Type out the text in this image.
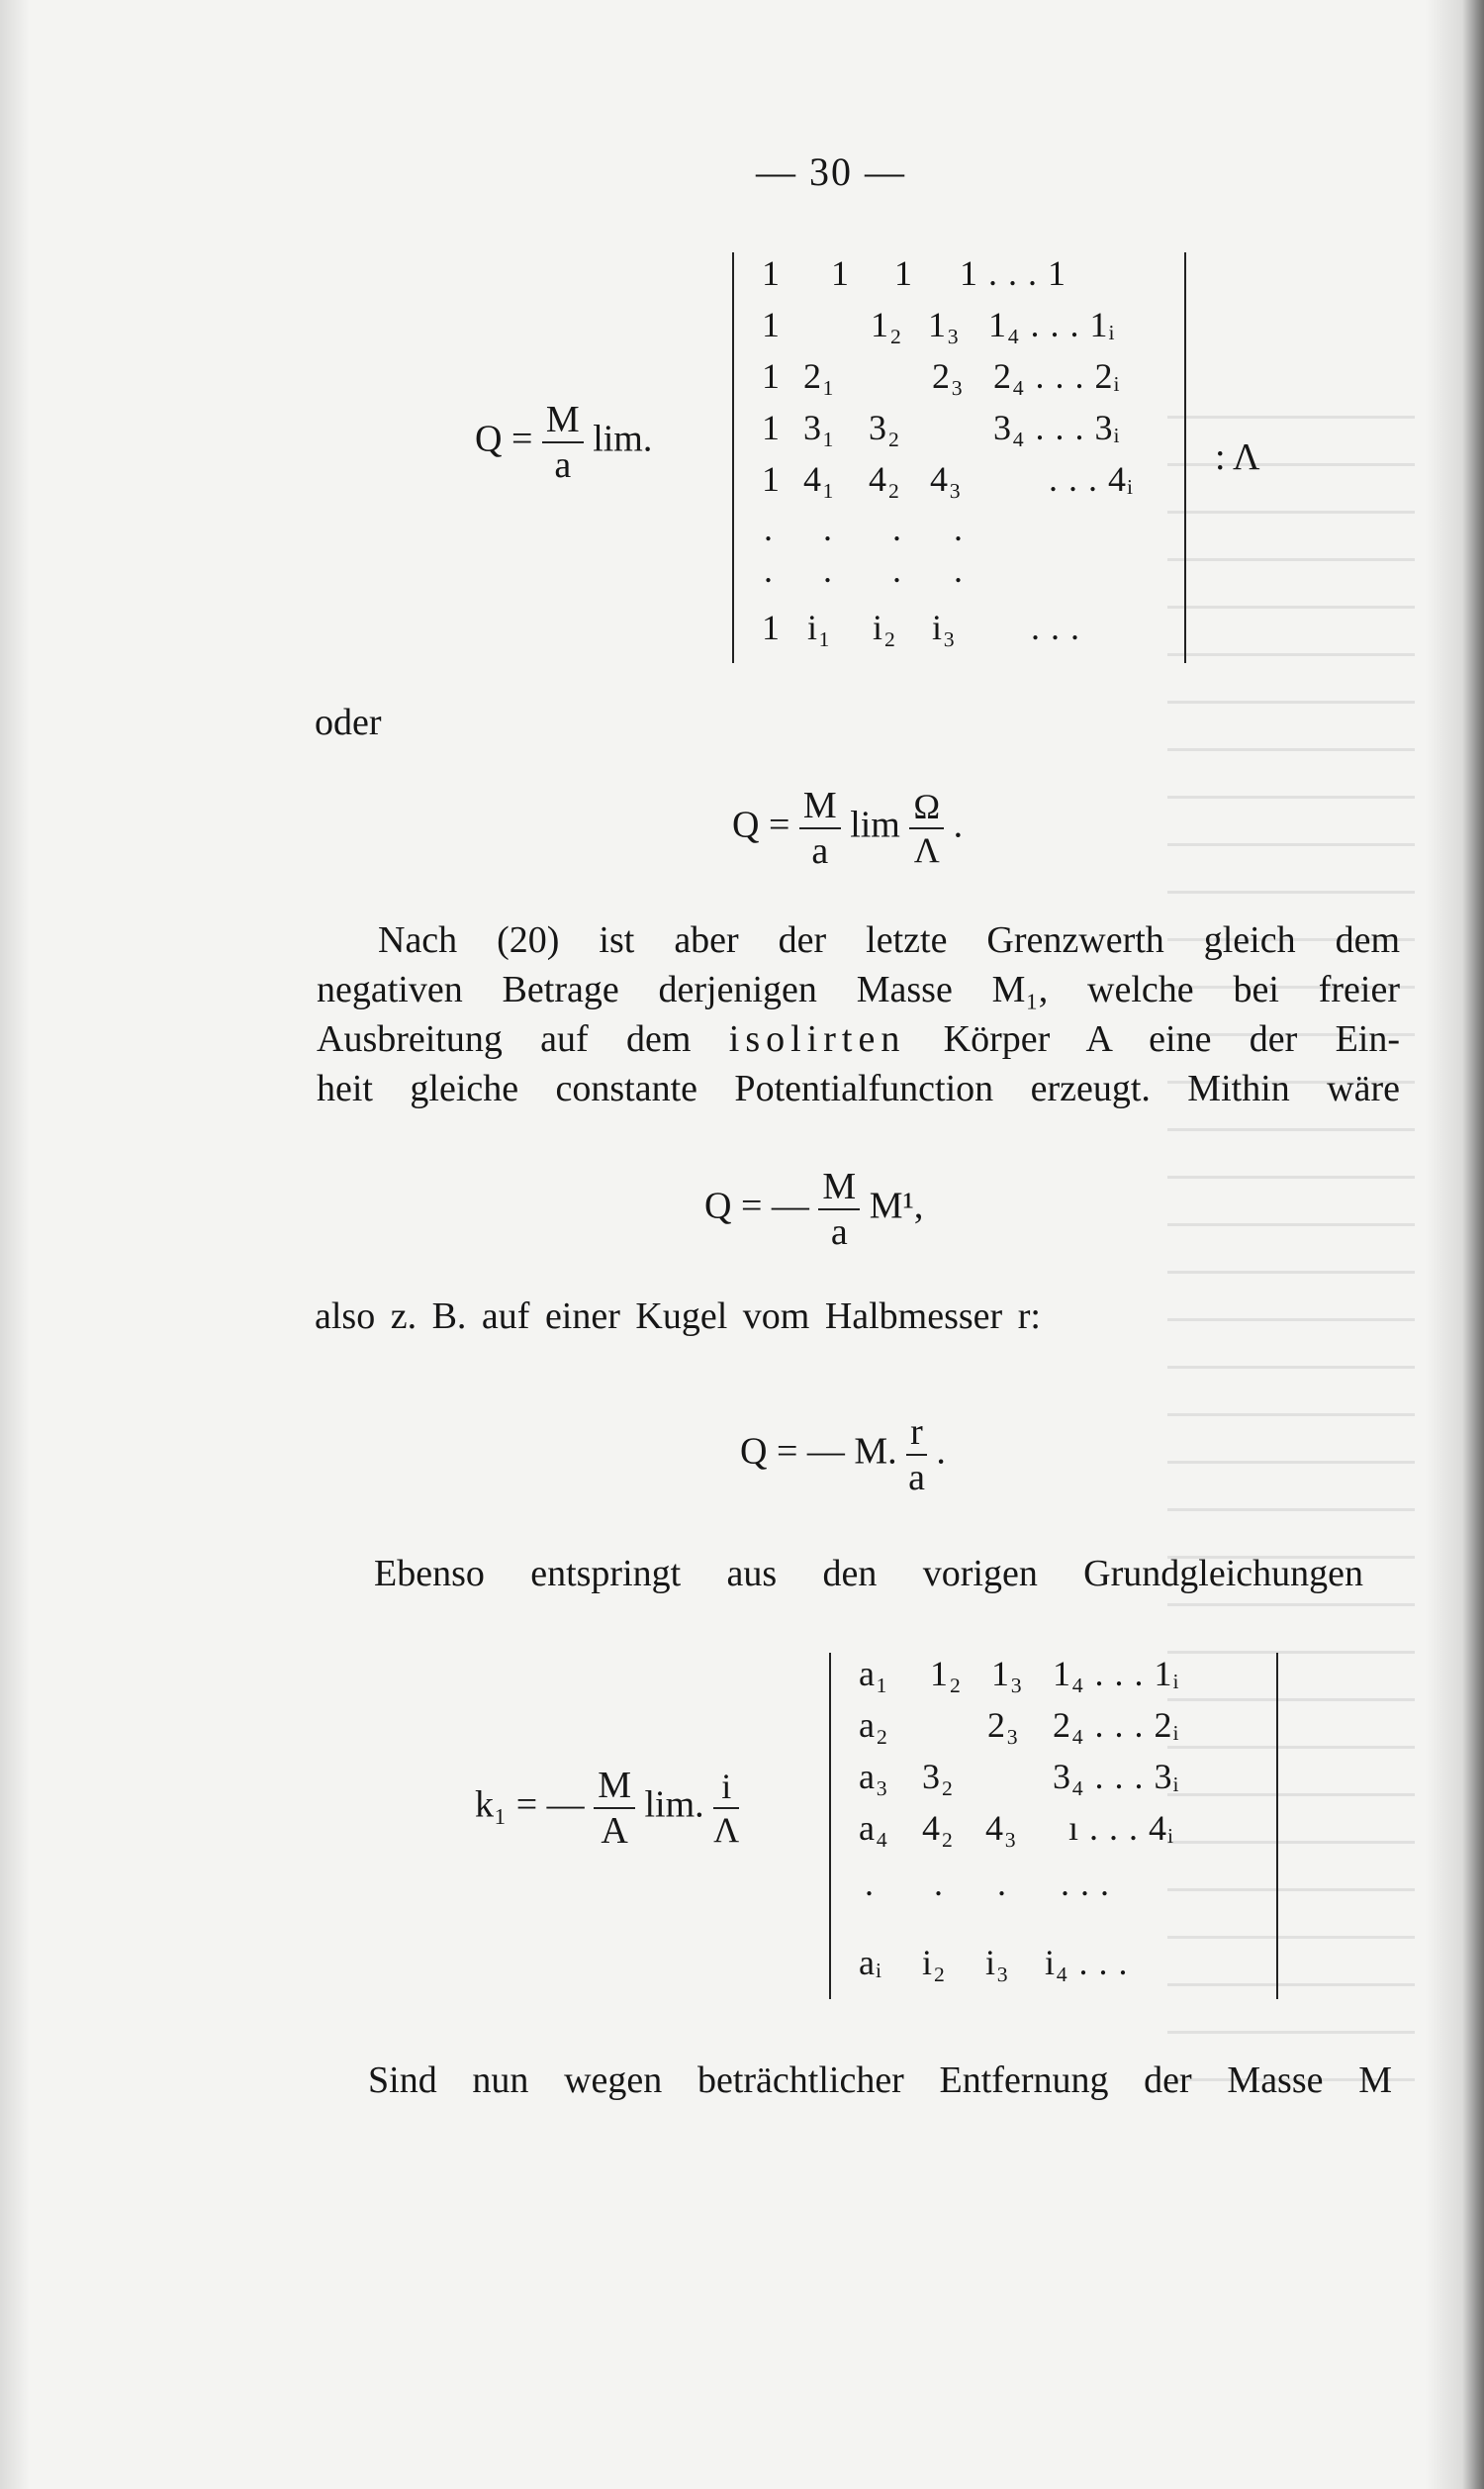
— 30 —
$Q = \frac{M}{a} \lim$.
1 1 1 1 . . . 1
1	1₂ 1₃ 1₄ . . . 1ᵢ
1 2₁	2₃ 2₄ . . . 2ᵢ
1 3₁ 3₂	3₄ . . . 3ᵢ
1 4₁ 4₂ 4₃ . . . 4ᵢ
. . . .
. . . .
1 i₁ i₂ i₃ . . .
: Λ
oder
$Q = \frac{M}{a}$ $\lim \frac{\Omega}{\Lambda}$ .
Nach (20) ist aber der letzte Grenzwerth gleich dem
negativen Betrage derjenigen Masse M₁, welche bei freier
Ausbreitung auf dem isolirten Körper A eine der Ein-
heit gleiche constante Potentialfunction erzeugt. Mithin wäre
Q = — $\frac{M}{a} M^1$,
also z. B. auf einer Kugel vom Halbmesser r:
Q = — M. $\frac{r}{a}$ .
Ebenso entspringt aus den vorigen Grundgleichungen
k₁ = — $\frac{M}{A} \lim$. $\frac{i}{\Lambda}$
a₁ 1₂ 1₃ 1₄ . . . 1ᵢ
a₂	2₃ 2₄ . . . 2ᵢ
a₃ 3₂	3₄ . . . 3ᵢ
a₄ 4₂ 4₃ ı . . . 4ᵢ
. . . . . .
aᵢ i₂ i₃ i₄ . . .
Sind nun wegen beträchtlicher Entfernung der Masse M
